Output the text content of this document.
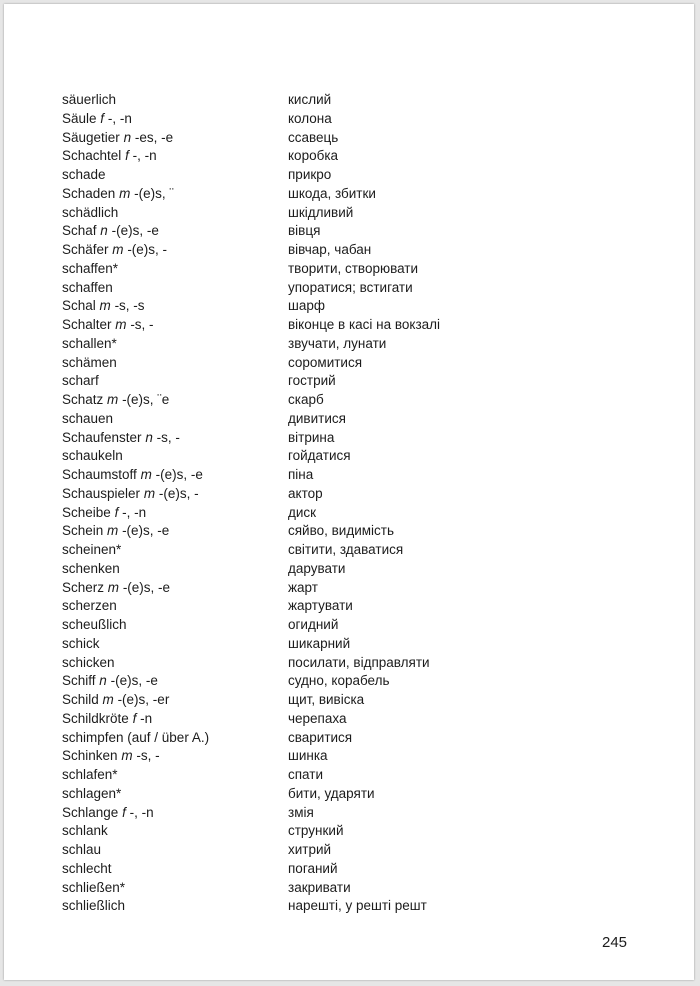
säuerlich	кислий
Säule f -, -n	колона
Säugetier n -es, -e	ссавець
Schachtel f -, -n	коробка
schade	прикро
Schaden m -(e)s, ¨	шкода, збитки
schädlich	шкідливий
Schaf n -(e)s, -e	вівця
Schäfer m -(e)s, -	вівчар, чабан
schaffen*	творити, створювати
schaffen	упоратися; встигати
Schal m -s, -s	шарф
Schalter m -s, -	віконце в касі на вокзалі
schallen*	звучати, лунати
schämen	соромитися
scharf	гострий
Schatz m -(e)s, ¨e	скарб
schauen	дивитися
Schaufenster n -s, -	вітрина
schaukeln	гойдатися
Schaumstoff m -(e)s, -e	піна
Schauspieler m -(e)s, -	актор
Scheibe f -, -n	диск
Schein m -(e)s, -e	сяйво, видимість
scheinen*	світити, здаватися
schenken	дарувати
Scherz m -(e)s, -e	жарт
scherzen	жартувати
scheußlich	огидний
schick	шикарний
schicken	посилати, відправляти
Schiff n -(e)s, -e	судно, корабель
Schild m -(e)s, -er	щит, вивіска
Schildkröte f -n	черепаха
schimpfen (auf / über A.)	сваритися
Schinken m -s, -	шинка
schlafen*	спати
schlagen*	бити, ударяти
Schlange f -, -n	змія
schlank	стрункий
schlau	хитрий
schlecht	поганий
schließen*	закривати
schließlich	нарешті, у решті решт
245
